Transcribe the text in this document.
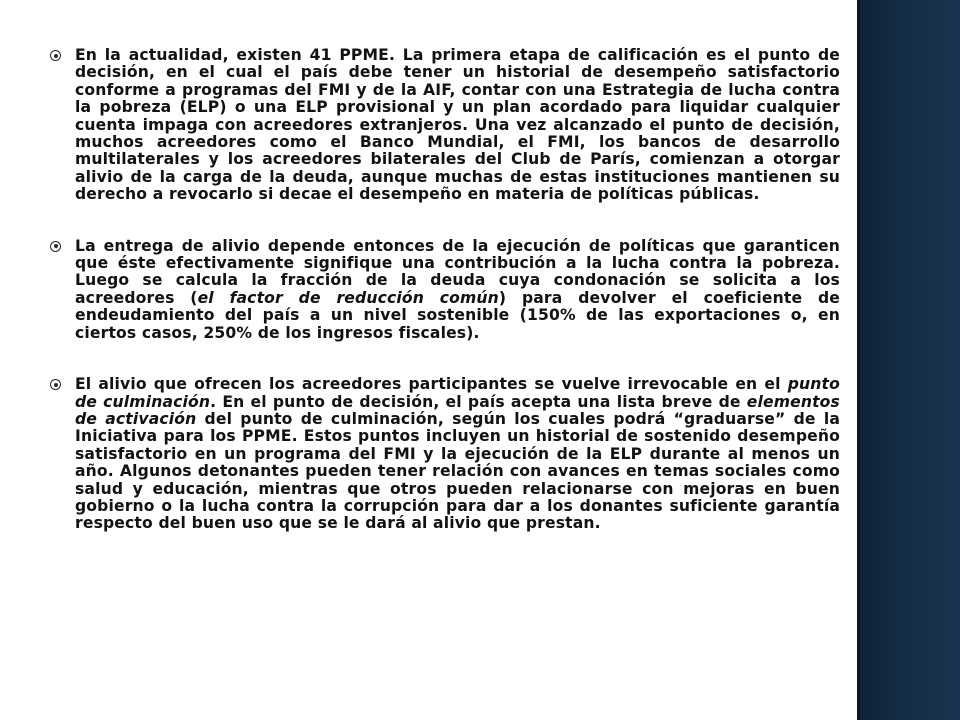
En la actualidad, existen 41 PPME. La primera etapa de calificación es el punto de decisión, en el cual el país debe tener un historial de desempeño satisfactorio conforme a programas del FMI y de la AIF, contar con una Estrategia de lucha contra la pobreza (ELP) o una ELP provisional y un plan acordado para liquidar cualquier cuenta impaga con acreedores extranjeros. Una vez alcanzado el punto de decisión, muchos acreedores como el Banco Mundial, el FMI, los bancos de desarrollo multilaterales y los acreedores bilaterales del Club de París, comienzan a otorgar alivio de la carga de la deuda, aunque muchas de estas instituciones mantienen su derecho a revocarlo si decae el desempeño en materia de políticas públicas.
La entrega de alivio depende entonces de la ejecución de políticas que garanticen que éste efectivamente signifique una contribución a la lucha contra la pobreza. Luego se calcula la fracción de la deuda cuya condonación se solicita a los acreedores (el factor de reducción común) para devolver el coeficiente de endeudamiento del país a un nivel sostenible (150% de las exportaciones o, en ciertos casos, 250% de los ingresos fiscales).
El alivio que ofrecen los acreedores participantes se vuelve irrevocable en el punto de culminación. En el punto de decisión, el país acepta una lista breve de elementos de activación del punto de culminación, según los cuales podrá “graduarse” de la Iniciativa para los PPME. Estos puntos incluyen un historial de sostenido desempeño satisfactorio en un programa del FMI y la ejecución de la ELP durante al menos un año. Algunos detonantes pueden tener relación con avances en temas sociales como salud y educación, mientras que otros pueden relacionarse con mejoras en buen gobierno o la lucha contra la corrupción para dar a los donantes suficiente garantía respecto del buen uso que se le dará al alivio que prestan.
